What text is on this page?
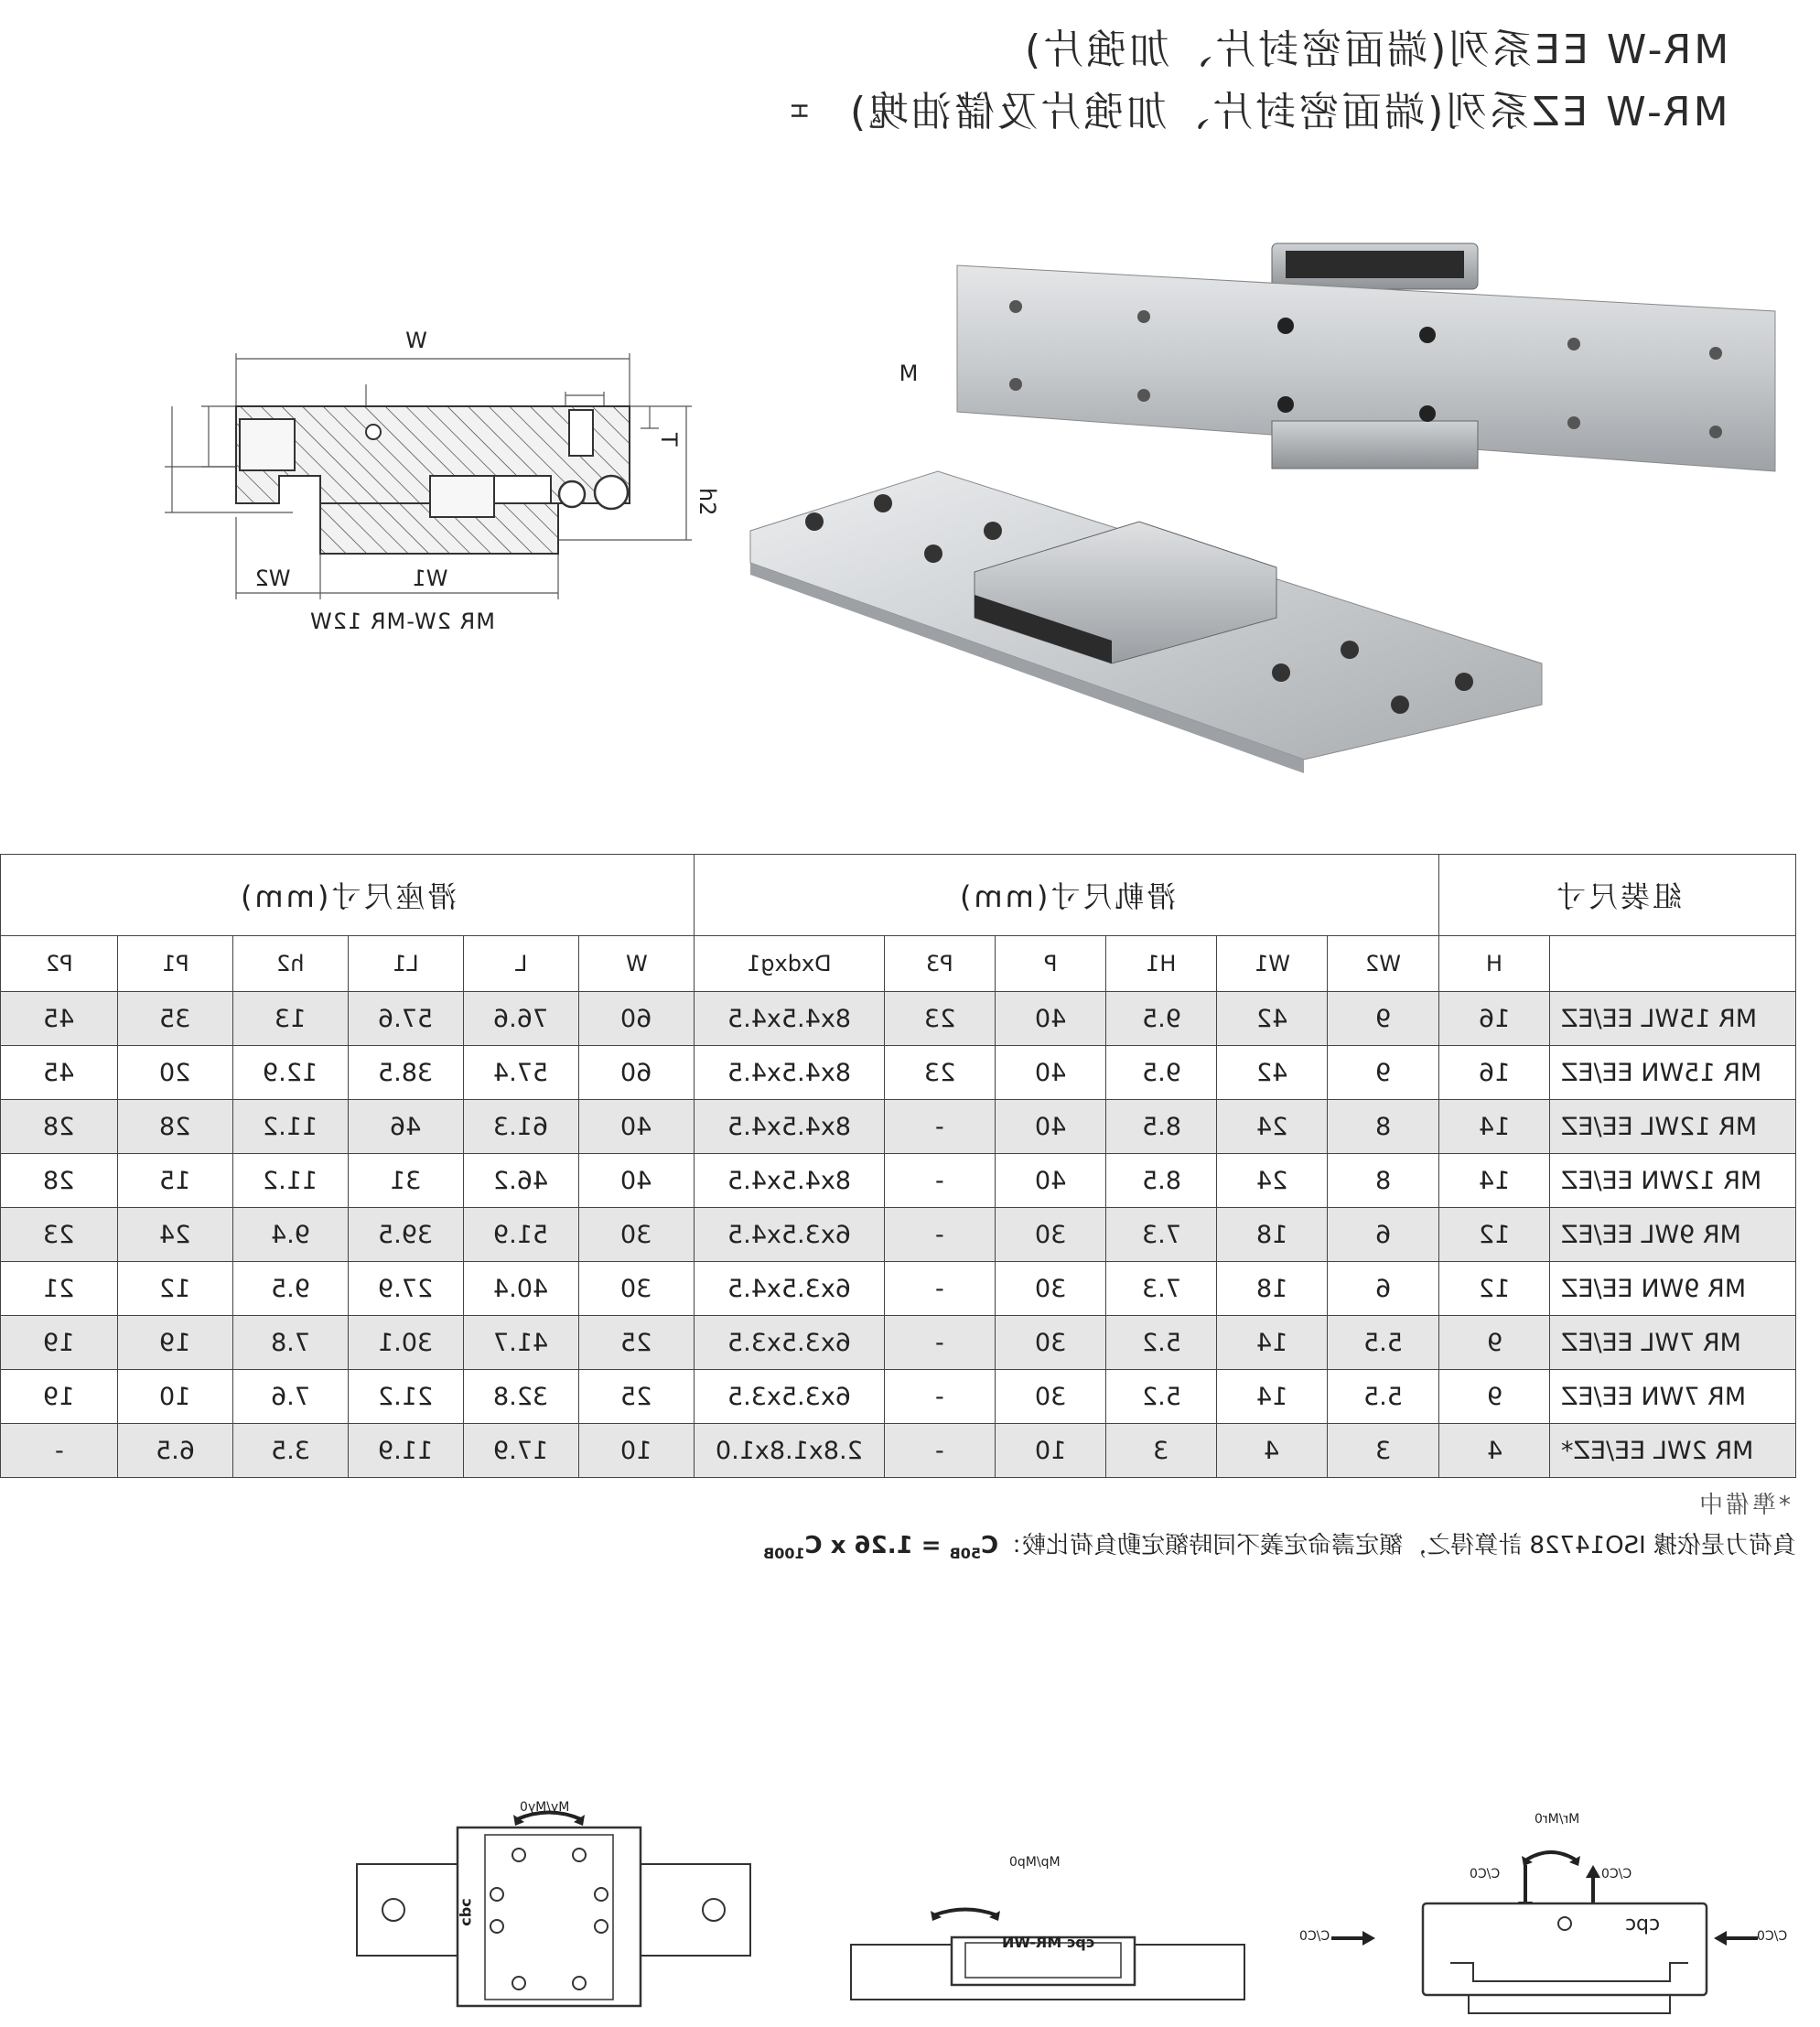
MR-W EE系列(端面密封片、加強片)
MR-W EZ系列(端面密封片、加強片及儲油塊)
W
M
H
T
h2
W1
W2
MR 2W-MR 12W
滑座尺寸(mm)						滑軌尺寸(mm)						組裝尺寸	
P2	P1	h2	L1	L	W	Dxdxg1	P3	P	H1	W1	W2	H		
45	35	13	57.6	76.6	60	8x4.5x4.5	23	40	9.5	42	9	16	MR 15WL EE/EZ	
45	20	12.9	38.5	57.4	60	8x4.5x4.5	23	40	9.5	42	9	16	MR 15WN EE/EZ	
28	28	11.2	46	61.3	40	8x4.5x4.5	-	40	8.5	24	8	14	MR 12WL EE/EZ	
28	15	11.2	31	46.2	40	8x4.5x4.5	-	40	8.5	24	8	14	MR 12WN EE/EZ	
23	24	9.4	39.5	51.9	30	6x3.5x4.5	-	30	7.3	18	6	12	MR 9WL EE/EZ	
21	12	9.5	27.9	40.4	30	6x3.5x4.5	-	30	7.3	18	6	12	MR 9WN EE/EZ	
19	19	7.8	30.1	41.7	25	6x3.5x3.5	-	30	5.2	14	5.5	9	MR 7WL EE/EZ	
19	10	7.6	21.2	32.8	25	6x3.5x3.5	-	30	5.2	14	5.5	9	MR 7WN EE/EZ	
-	6.5	3.5	11.9	17.9	10	2.8x1.8x1.0	-	10	3	4	3	4	MR 2WL EE/EZ*	
*準備中
負荷力是依據 ISO14728 計算得之，額定壽命定義不同時額定動負荷比較：$C_{50B} = 1.26$ x $C_{100B}$
My/My0
cpc
Mp/Mp0
cpc MR-WN
Mr/Mr0
C/C0	C/C0
C/C0	C/C0
cpc
